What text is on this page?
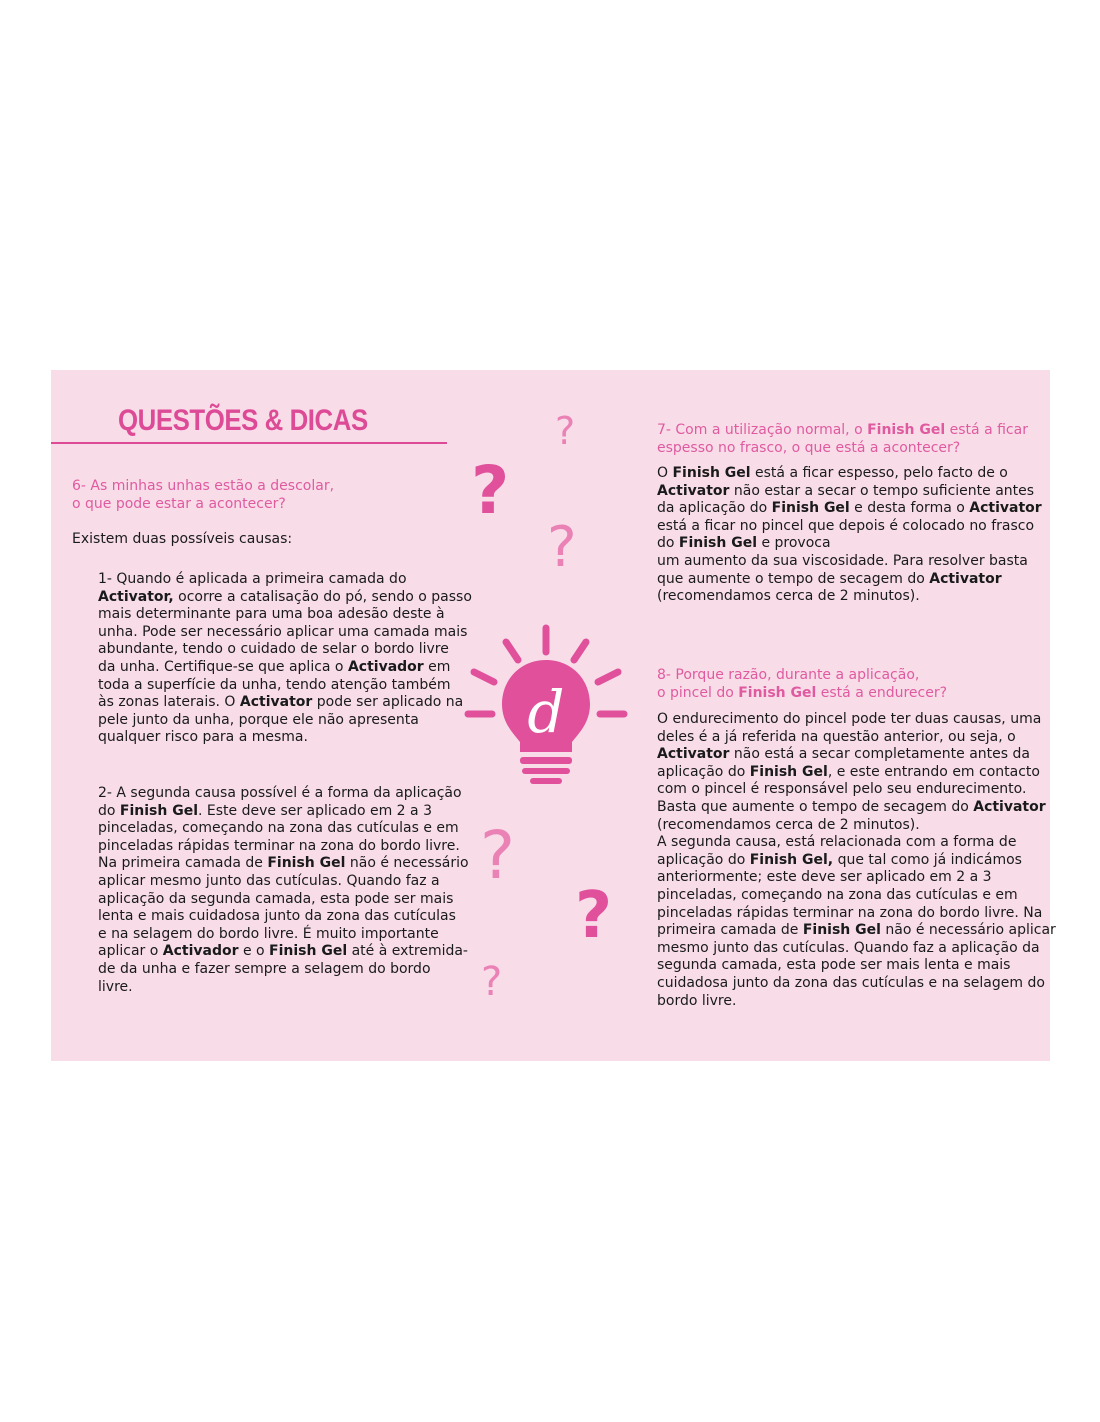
QUESTÕES & DICAS
6- As minhas unhas estão a descolar,
o que pode estar a acontecer?
Existem duas possíveis causas:
1- Quando é aplicada a primeira camada do
Activator, ocorre a catalisação do pó, sendo o passo
mais determinante para uma boa adesão deste à
unha. Pode ser necessário aplicar uma camada mais
abundante, tendo o cuidado de selar o bordo livre
da unha. Certifique-se que aplica o Activador em
toda a superfície da unha, tendo atenção também
às zonas laterais. O Activator pode ser aplicado na
pele junto da unha, porque ele não apresenta
qualquer risco para a mesma.
2- A segunda causa possível é a forma da aplicação
do Finish Gel. Este deve ser aplicado em 2 a 3
pinceladas, começando na zona das cutículas e em
pinceladas rápidas terminar na zona do bordo livre.
Na primeira camada de Finish Gel não é necessário
aplicar mesmo junto das cutículas. Quando faz a
aplicação da segunda camada, esta pode ser mais
lenta e mais cuidadosa junto da zona das cutículas
e na selagem do bordo livre. É muito importante
aplicar o Activador e o Finish Gel até à extremida-
de da unha e fazer sempre a selagem do bordo
livre.
7- Com a utilização normal, o Finish Gel está a ficar
espesso no frasco, o que está a acontecer?
O Finish Gel está a ficar espesso, pelo facto de o
Activator não estar a secar o tempo suficiente antes
da aplicação do Finish Gel e desta forma o Activator
está a ficar no pincel que depois é colocado no frasco
do Finish Gel e provoca
um aumento da sua viscosidade. Para resolver basta
que aumente o tempo de secagem do Activator
(recomendamos cerca de 2 minutos).
8- Porque razão, durante a aplicação,
o pincel do Finish Gel está a endurecer?
O endurecimento do pincel pode ter duas causas, uma
deles é a já referida na questão anterior, ou seja, o
Activator não está a secar completamente antes da
aplicação do Finish Gel, e este entrando em contacto
com o pincel é responsável pelo seu endurecimento.
Basta que aumente o tempo de secagem do Activator
(recomendamos cerca de 2 minutos).
A segunda causa, está relacionada com a forma de
aplicação do Finish Gel, que tal como já indicámos
anteriormente; este deve ser aplicado em 2 a 3
pinceladas, começando na zona das cutículas e em
pinceladas rápidas terminar na zona do bordo livre. Na
primeira camada de Finish Gel não é necessário aplicar
mesmo junto das cutículas. Quando faz a aplicação da
segunda camada, esta pode ser mais lenta e mais
cuidadosa junto da zona das cutículas e na selagem do
bordo livre.
?
?
?
?
?
?
d
